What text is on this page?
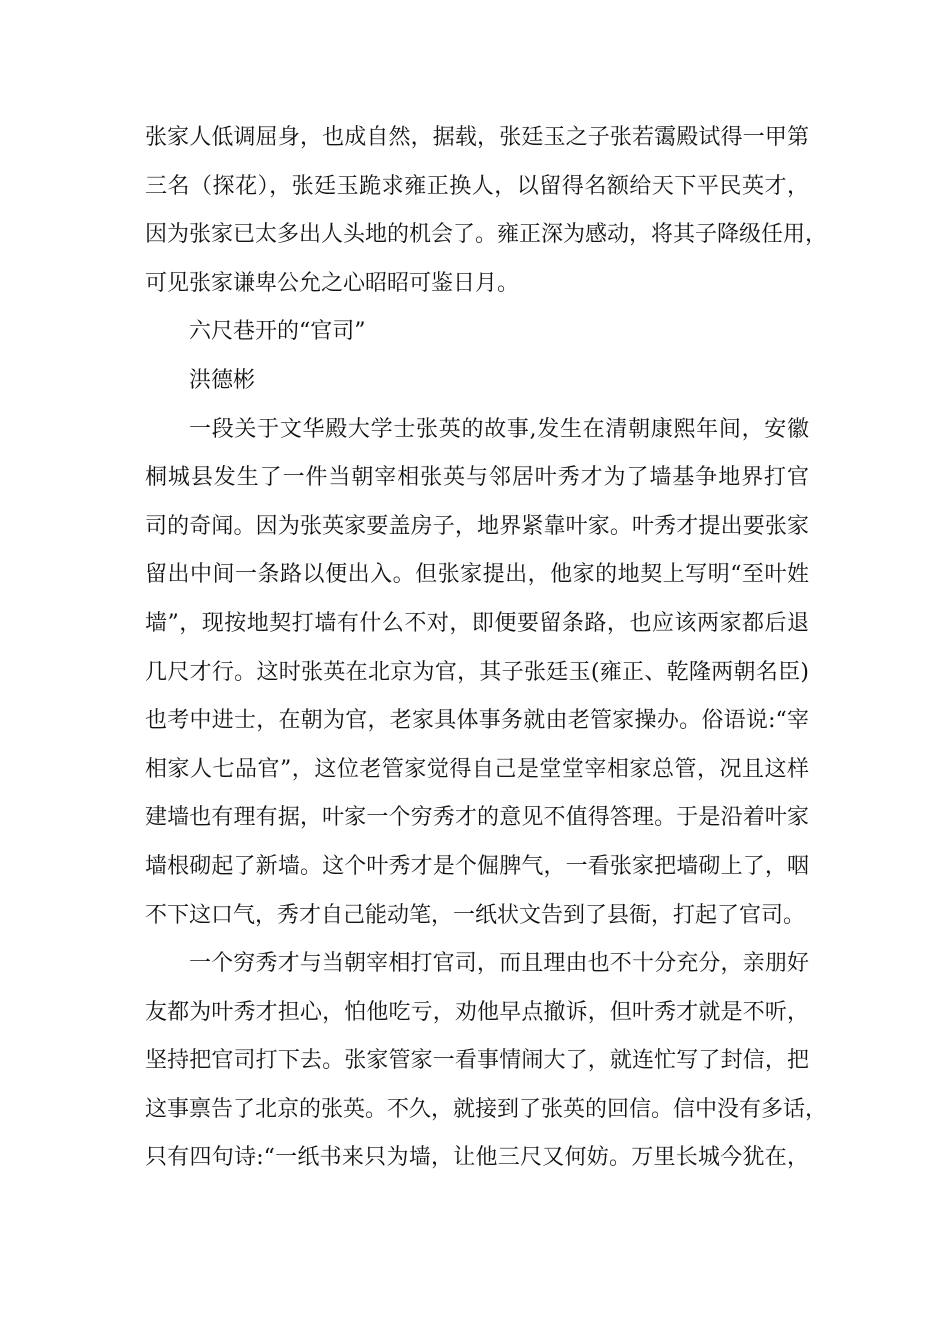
张家人低调屈身，也成自然，据载，张廷玉之子张若霭殿试得一甲第
三名（探花），张廷玉跪求雍正换人，以留得名额给天下平民英才，
因为张家已太多出人头地的机会了。雍正深为感动，将其子降级任用，
可见张家谦卑公允之心昭昭可鉴日月。
六尺巷开的“官司”
洪德彬
一段关于文华殿大学士张英的故事,发生在清朝康熙年间，安徽
桐城县发生了一件当朝宰相张英与邻居叶秀才为了墙基争地界打官
司的奇闻。因为张英家要盖房子，地界紧靠叶家。叶秀才提出要张家
留出中间一条路以便出入。但张家提出，他家的地契上写明“至叶姓
墙”，现按地契打墙有什么不对，即便要留条路，也应该两家都后退
几尺才行。这时张英在北京为官，其子张廷玉(雍正、乾隆两朝名臣)
也考中进士，在朝为官，老家具体事务就由老管家操办。俗语说:“宰
相家人七品官”，这位老管家觉得自己是堂堂宰相家总管，况且这样
建墙也有理有据，叶家一个穷秀才的意见不值得答理。于是沿着叶家
墙根砌起了新墙。这个叶秀才是个倔脾气，一看张家把墙砌上了，咽
不下这口气，秀才自己能动笔，一纸状文告到了县衙，打起了官司。
一个穷秀才与当朝宰相打官司，而且理由也不十分充分，亲朋好
友都为叶秀才担心，怕他吃亏，劝他早点撤诉，但叶秀才就是不听，
坚持把官司打下去。张家管家一看事情闹大了，就连忙写了封信，把
这事禀告了北京的张英。不久，就接到了张英的回信。信中没有多话，
只有四句诗:“一纸书来只为墙，让他三尺又何妨。万里长城今犹在，
